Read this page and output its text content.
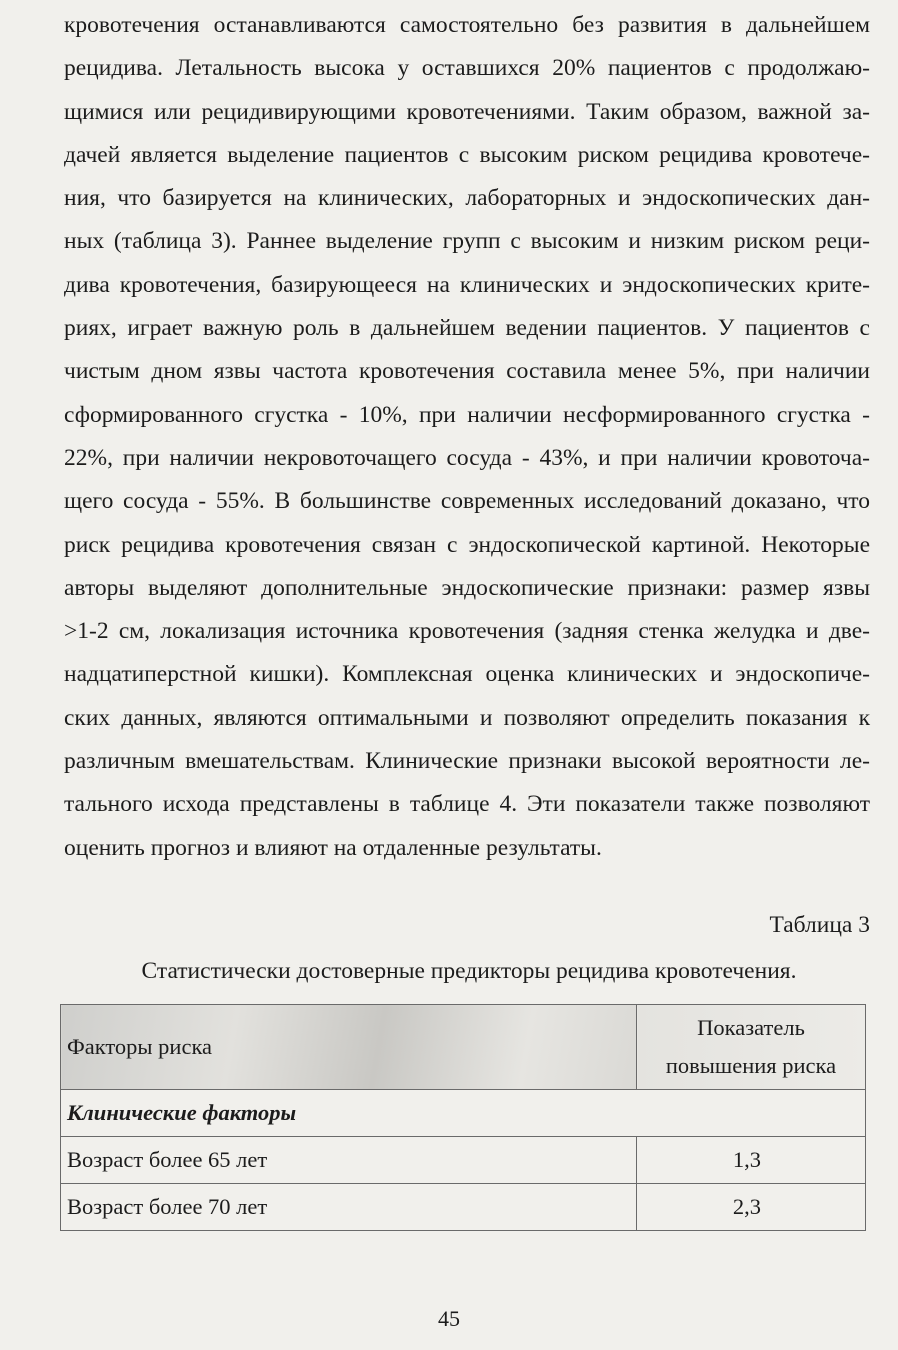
кровотечения останавливаются самостоятельно без развития в дальнейшем
рецидива. Летальность высока у оставшихся 20% пациентов с продолжаю-
щимися или рецидивирующими кровотечениями. Таким образом, важной за-
дачей является выделение пациентов с высоким риском рецидива кровотече-
ния, что базируется на клинических, лабораторных и эндоскопических дан-
ных (таблица 3). Раннее выделение групп с высоким и низким риском реци-
дива кровотечения, базирующееся на клинических и эндоскопических крите-
риях, играет важную роль в дальнейшем ведении пациентов. У пациентов с
чистым дном язвы частота кровотечения составила менее 5%, при наличии
сформированного сгустка - 10%, при наличии несформированного сгустка -
22%, при наличии некровоточащего сосуда - 43%, и при наличии кровоточа-
щего сосуда - 55%. В большинстве современных исследований доказано, что
риск рецидива кровотечения связан с эндоскопической картиной. Некоторые
авторы выделяют дополнительные эндоскопические признаки: размер язвы
>1-2 см, локализация источника кровотечения (задняя стенка желудка и две-
надцатиперстной кишки). Комплексная оценка клинических и эндоскопиче-
ских данных, являются оптимальными и позволяют определить показания к
различным вмешательствам. Клинические признаки высокой вероятности ле-
тального исхода представлены в таблице 4. Эти показатели также позволяют
оценить прогноз и влияют на отдаленные результаты.

Таблица 3

Статистически достоверные предикторы рецидива кровотечения.

Факторы риска	Показатель
повышения риска
Клинические факторы	
Возраст более 65 лет	1,3
Возраст более 70 лет	2,3

45
